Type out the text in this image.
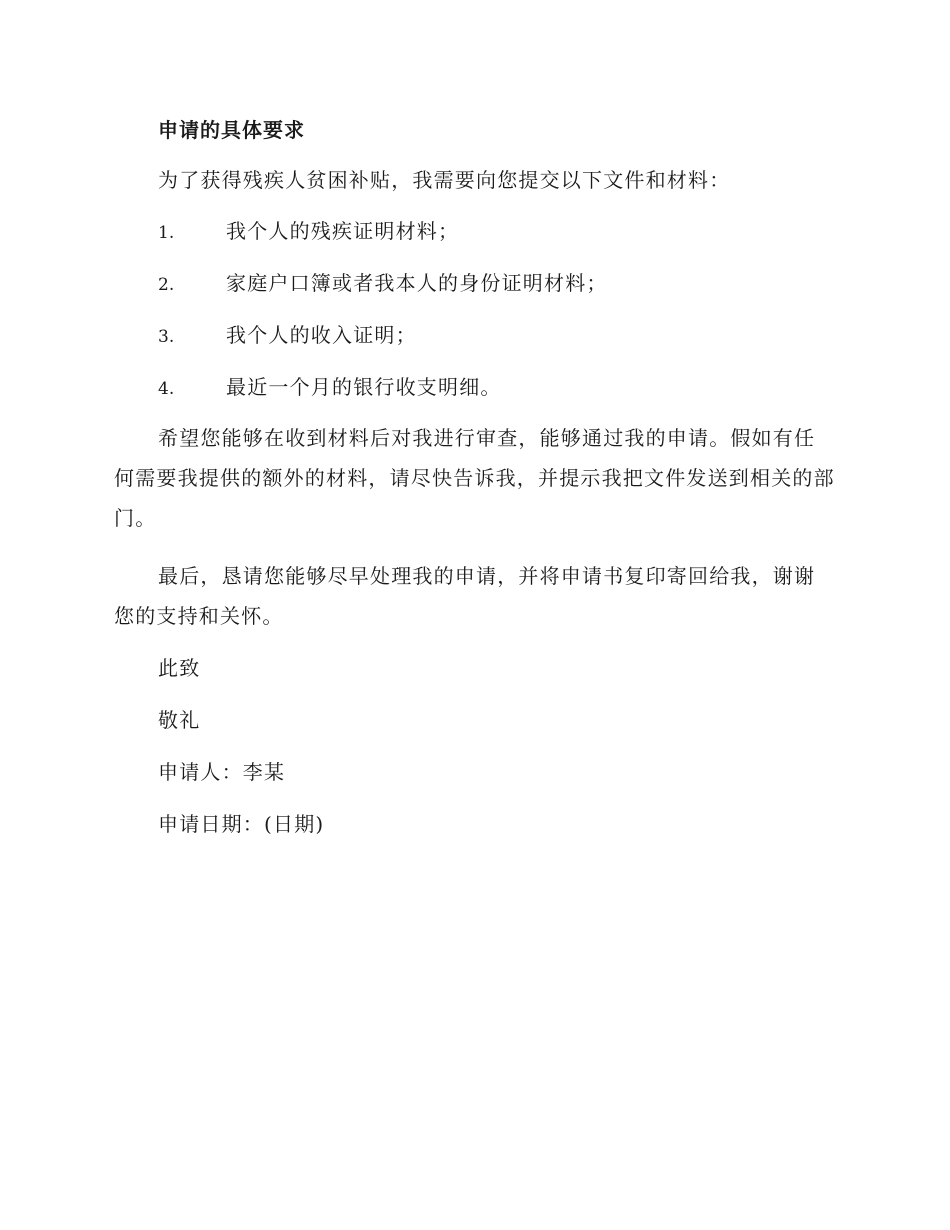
申请的具体要求
为了获得残疾人贫困补贴，我需要向您提交以下文件和材料：
1.	我个人的残疾证明材料；
2.	家庭户口簿或者我本人的身份证明材料；
3.	我个人的收入证明；
4.	最近一个月的银行收支明细。

希望您能够在收到材料后对我进行审查，能够通过我的申请。假如有任何需要我提供的额外的材料，请尽快告诉我，并提示我把文件发送到相关的部门。

最后，恳请您能够尽早处理我的申请，并将申请书复印寄回给我，谢谢您的支持和关怀。

此致
敬礼
申请人：李某
申请日期：(日期)
